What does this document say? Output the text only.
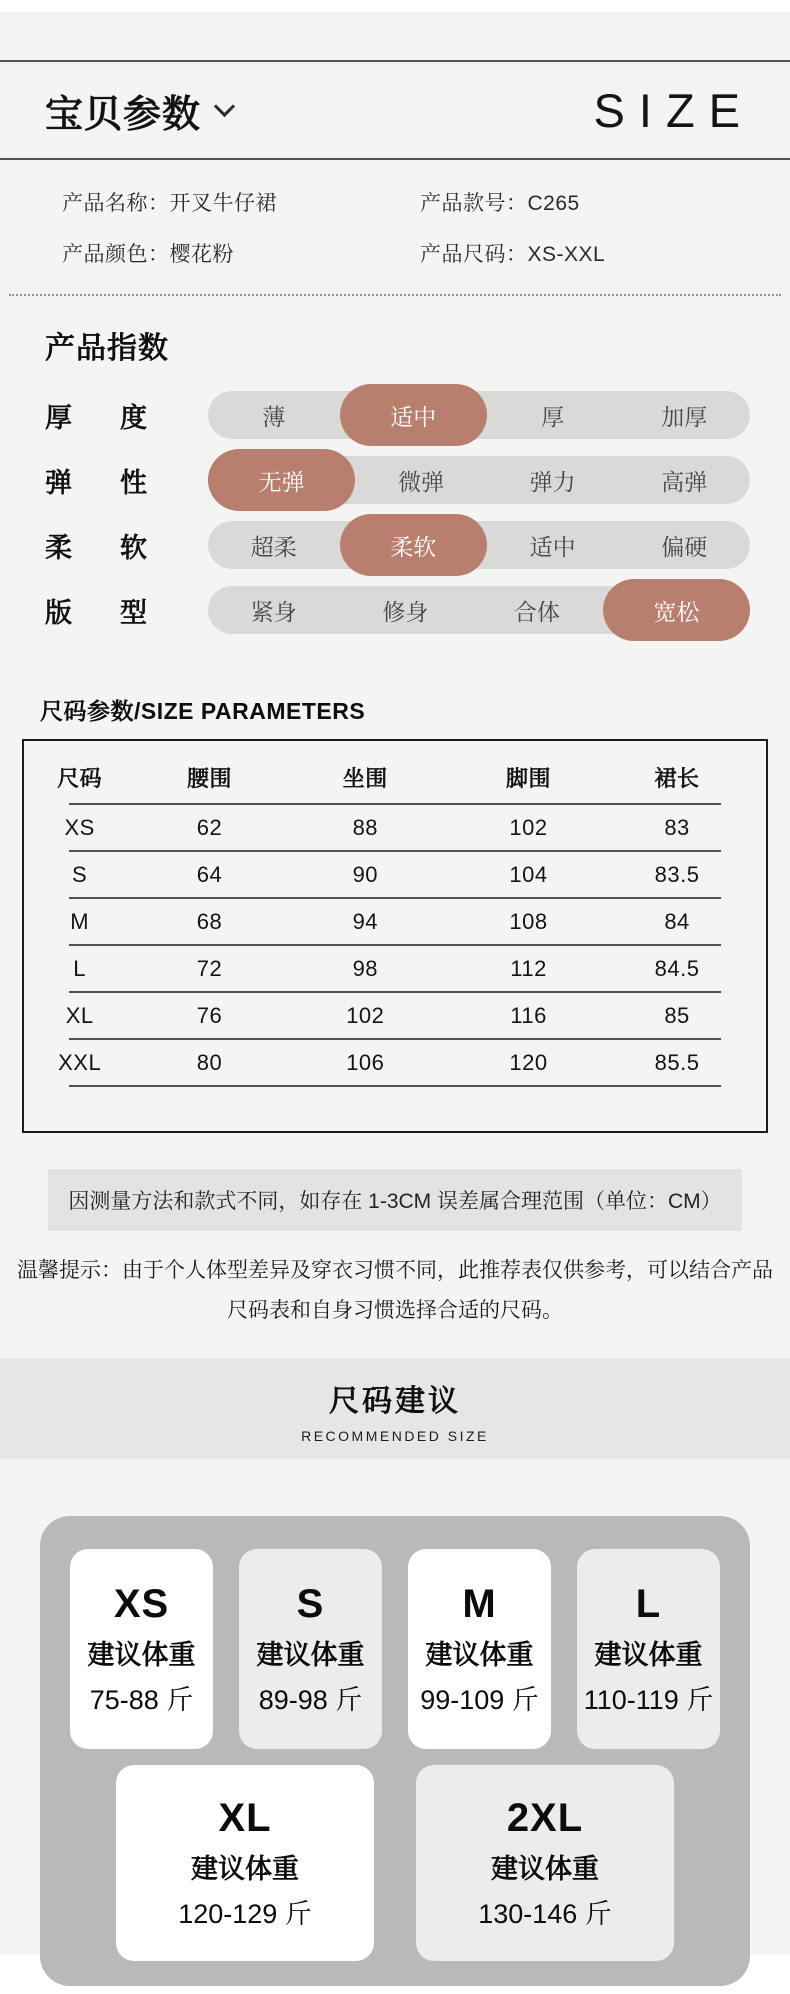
宝贝参数	SIZE
产品名称：开叉牛仔裙	产品款号：C265
产品颜色：樱花粉	产品尺码：XS-XXL
产品指数
厚 度	薄	适中	厚	加厚
弹 性	无弹	微弹	弹力	高弹
柔 软	超柔	柔软	适中	偏硬
版 型	紧身	修身	合体	宽松
尺码参数/SIZE PARAMETERS
尺码	腰围	坐围	脚围	裙长
XS	62	88	102	83
S	64	90	104	83.5
M	68	94	108	84
L	72	98	112	84.5
XL	76	102	116	85
XXL	80	106	120	85.5
因测量方法和款式不同，如存在 1-3CM 误差属合理范围（单位：CM）
温馨提示：由于个人体型差异及穿衣习惯不同，此推荐表仅供参考，可以结合产品
尺码表和自身习惯选择合适的尺码。
尺码建议
RECOMMENDED SIZE
XS
建议体重
75-88 斤
S
建议体重
89-98 斤
M
建议体重
99-109 斤
L
建议体重
110-119 斤
XL
建议体重
120-129 斤
2XL
建议体重
130-146 斤
